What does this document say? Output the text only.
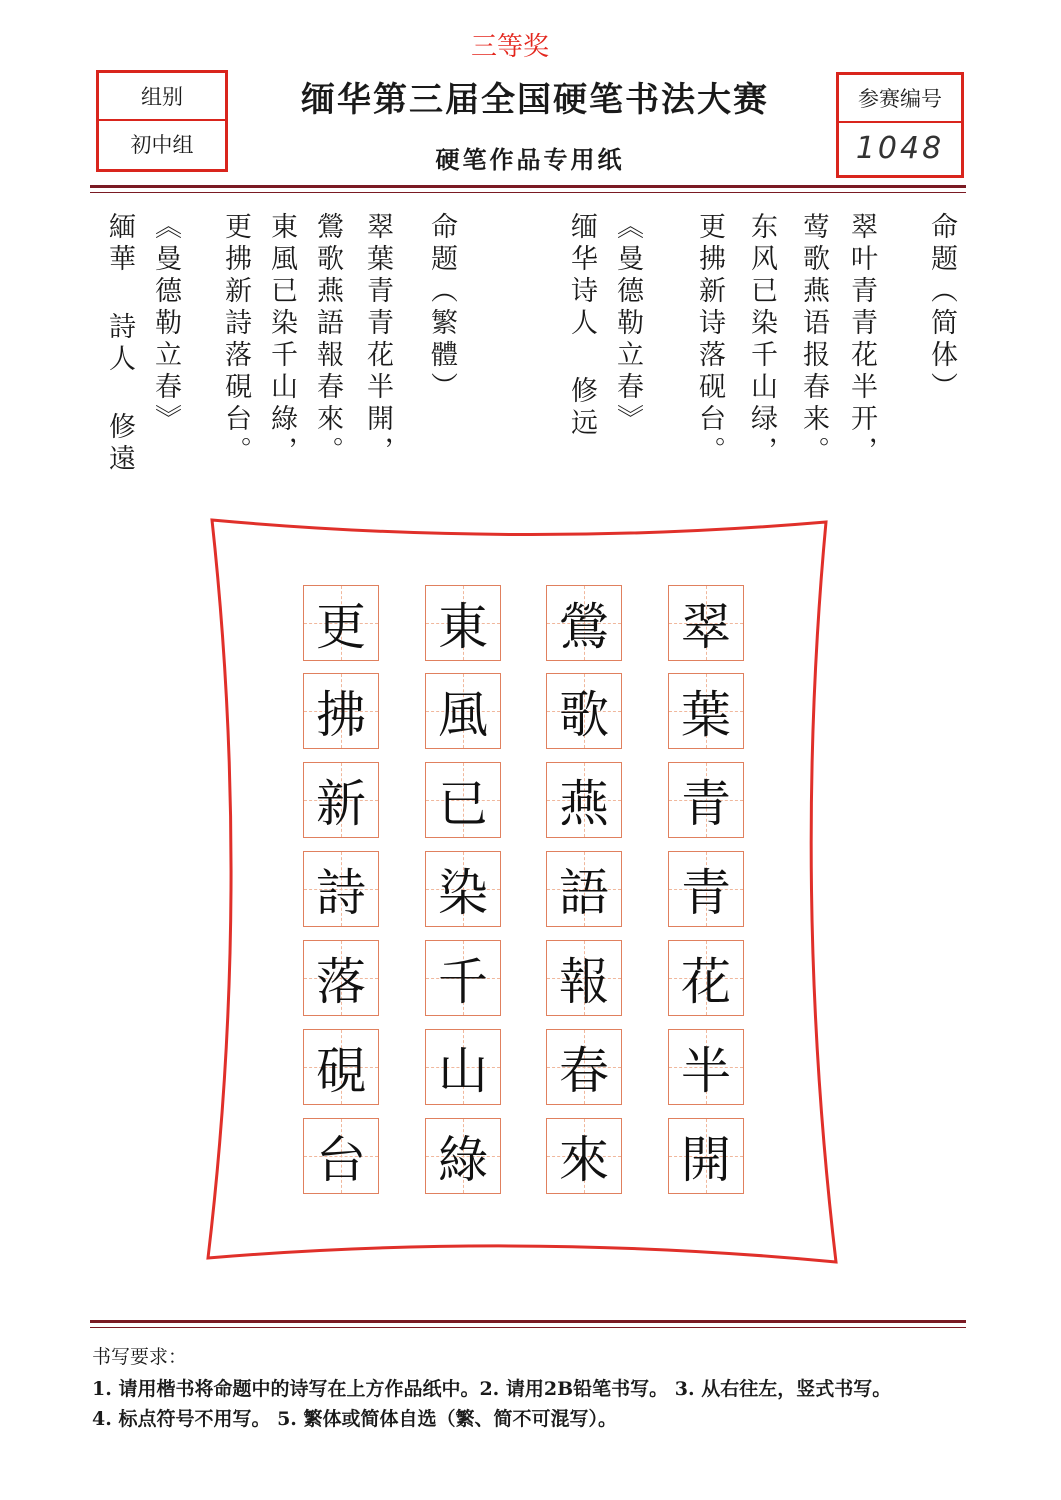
三等奖
组别
初中组
缅华第三届全国硬笔书法大赛
硬笔作品专用纸
参赛编号
1048
命题（简体）
翠叶青青花半开，
莺歌燕语报春来。
东风已染千山绿，
更拂新诗落砚台。
《曼德勒立春》
缅华诗人 修远
命题（繁體）
翠葉青青花半開，
鶯歌燕語報春來。
東風已染千山綠，
更拂新詩落硯台。
《曼德勒立春》
緬華 詩人 修遠
翠
葉
青
青
花
半
開
鶯
歌
燕
語
報
春
來
東
風
已
染
千
山
綠
更
拂
新
詩
落
硯
台
书写要求：
1. 请用楷书将命题中的诗写在上方作品纸中。2. 请用2B铅笔书写。 3. 从右往左，竖式书写。
4. 标点符号不用写。 5. 繁体或简体自选（繁、简不可混写）。
